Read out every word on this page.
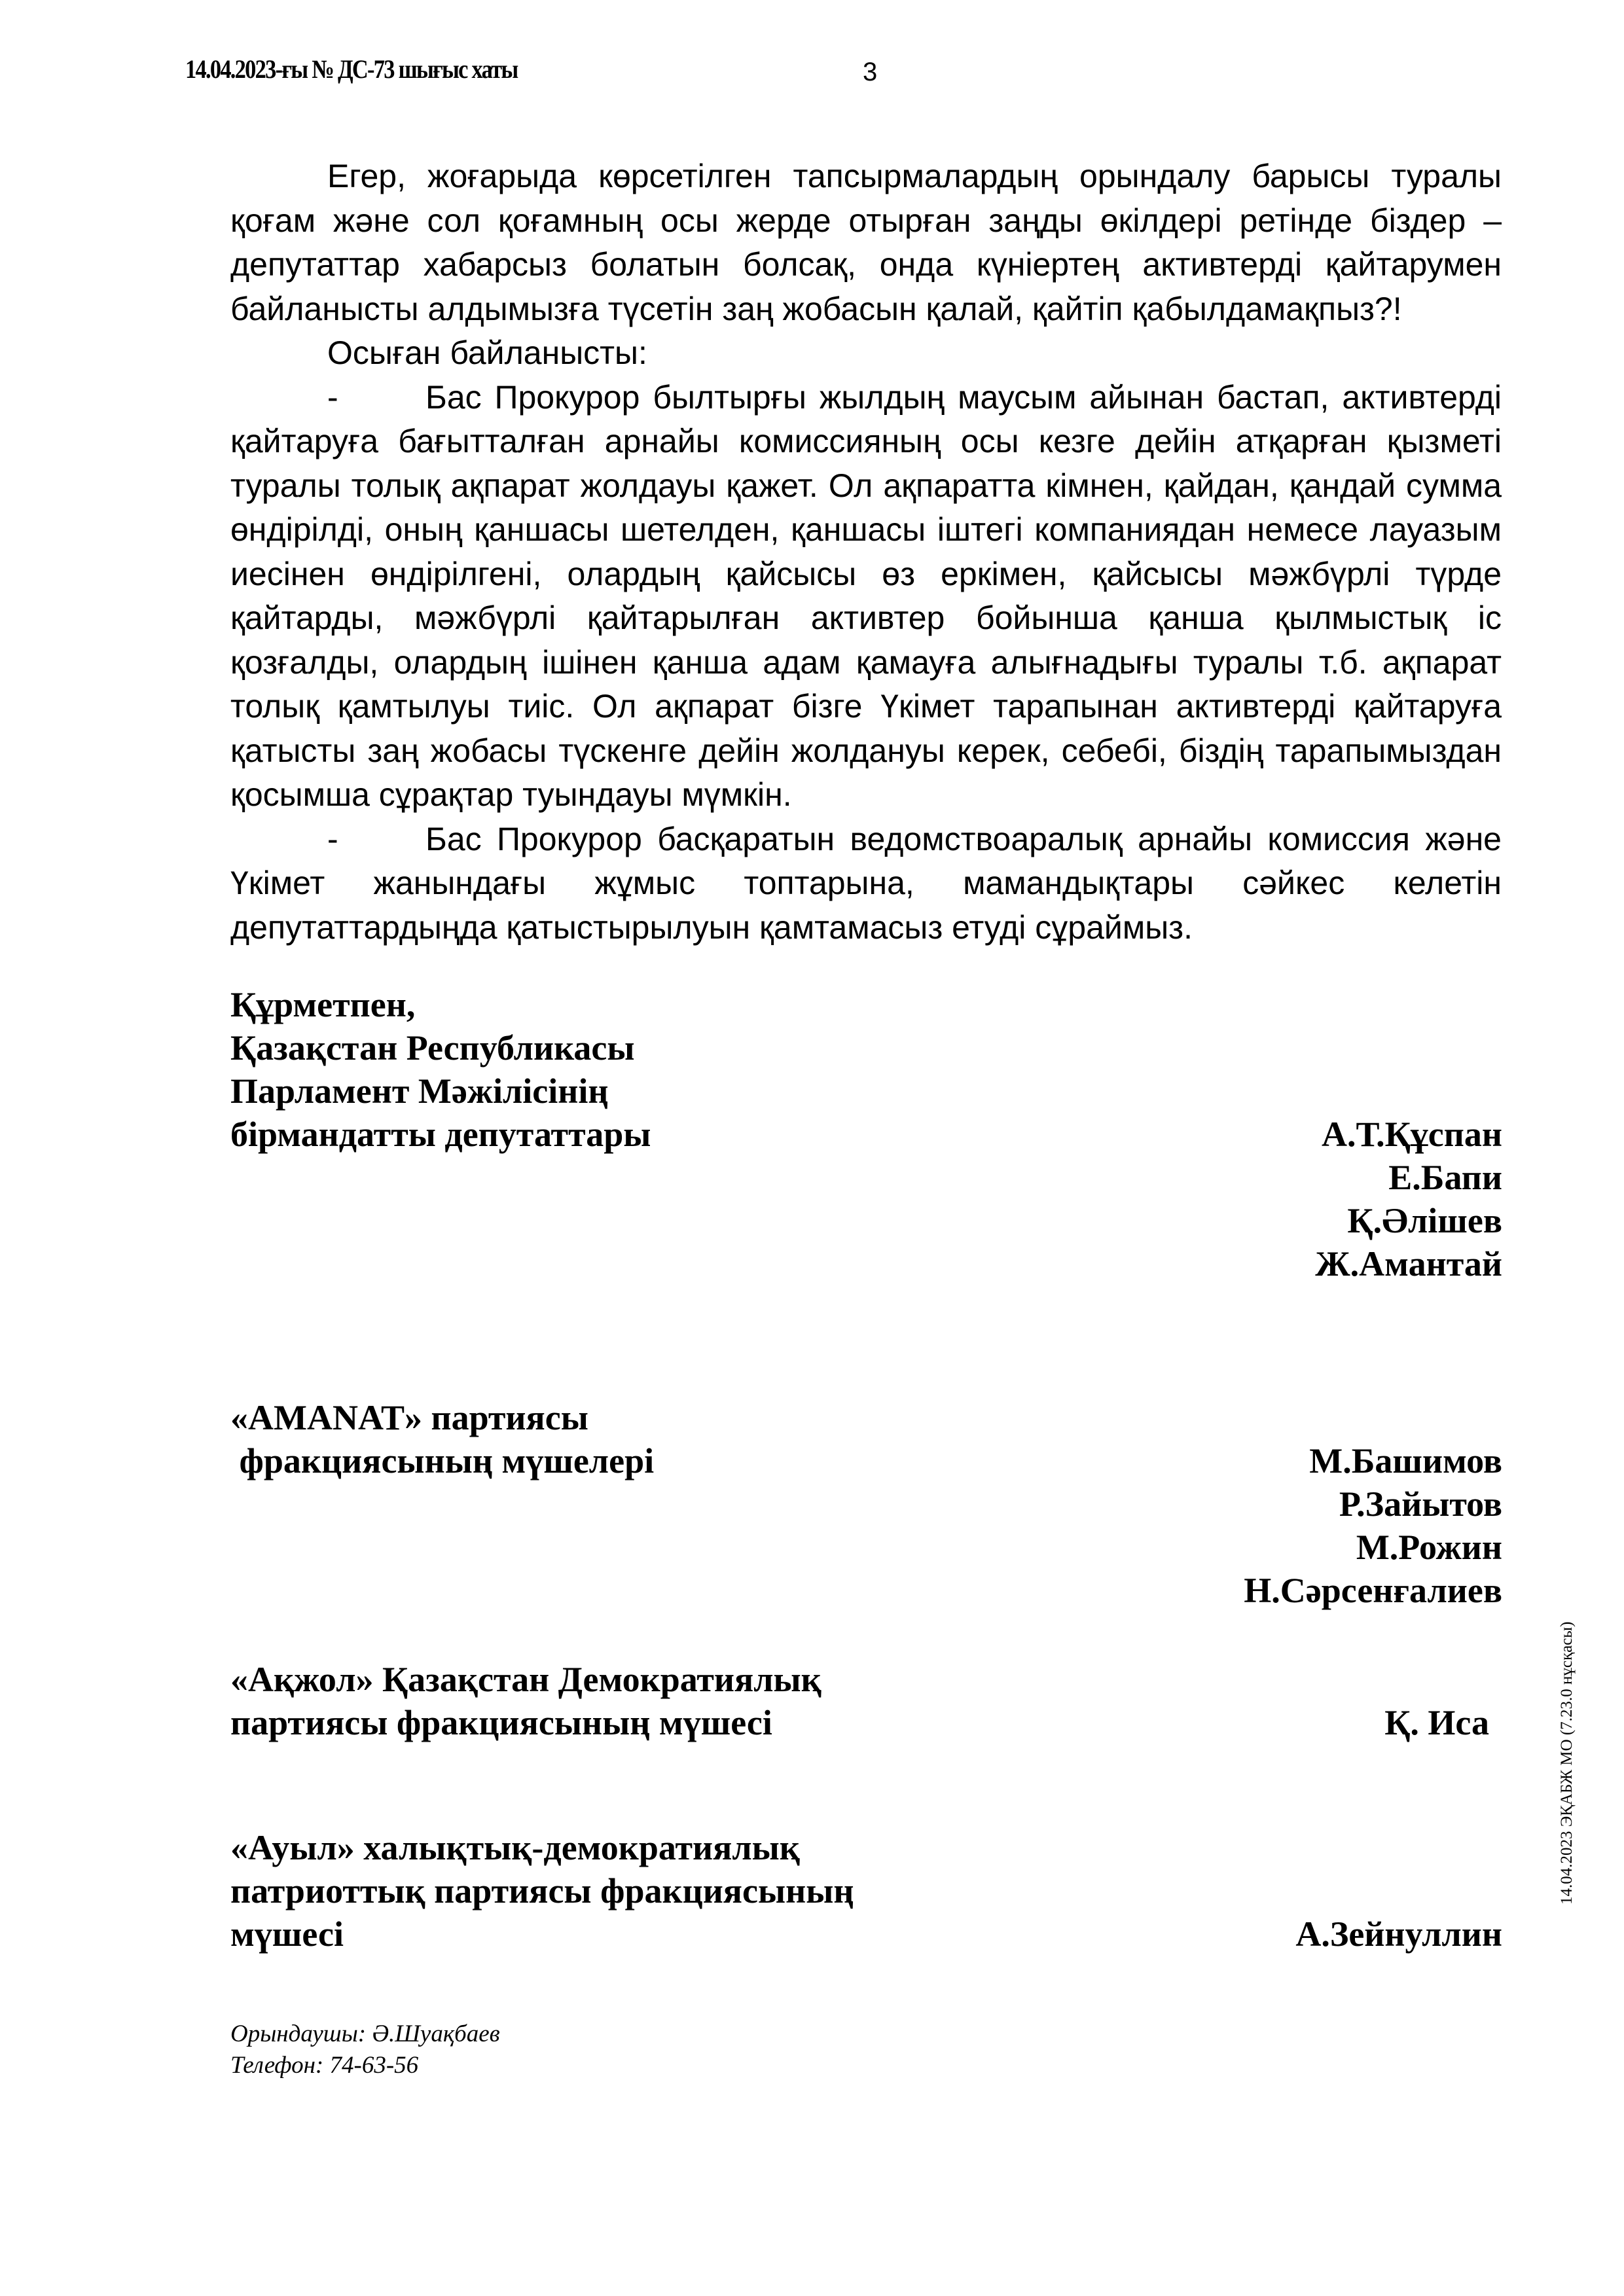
14.04.2023-ғы № ДС-73 шығыс хаты	3

Егер, жоғарыда көрсетілген тапсырмалардың орындалу барысы туралы қоғам және сол қоғамның осы жерде отырған заңды өкілдері ретінде біздер – депутаттар хабарсыз болатын болсақ, онда күніертең активтерді қайтарумен байланысты алдымызға түсетін заң жобасын қалай, қайтіп қабылдамақпыз?!

Осыған байланысты:

-	Бас Прокурор былтырғы жылдың маусым айынан бастап, активтерді қайтаруға бағытталған арнайы комиссияның осы кезге дейін атқарған қызметі туралы толық ақпарат жолдауы қажет. Ол ақпаратта кімнен, қайдан, қандай сумма өндірілді, оның қаншасы шетелден, қаншасы іштегі компаниядан немесе лауазым иесінен өндірілгені, олардың қайсысы өз еркімен, қайсысы мәжбүрлі түрде қайтарды, мәжбүрлі қайтарылған активтер бойынша қанша қылмыстық іс қозғалды, олардың ішінен қанша адам қамауға алығнадығы туралы т.б. ақпарат толық қамтылуы тиіс. Ол ақпарат бізге Үкімет тарапынан активтерді қайтаруға қатысты заң жобасы түскенге дейін жолдануы керек, себебі, біздің тарапымыздан қосымша сұрақтар туындауы мүмкін.

-	Бас Прокурор басқаратын ведомствоаралық арнайы комиссия және Үкімет жанындағы жұмыс топтарына, мамандықтары сәйкес келетін депутаттардыңда қатыстырылуын қамтамасыз етуді сұраймыз.

Құрметпен,
Қазақстан Республикасы
Парламент Мәжілісінің
бірмандатты депутаттары	А.Т.Құспан
Е.Бапи
Қ.Әлішев
Ж.Амантай
«AMANAT» партиясы
фракциясының мүшелері	М.Башимов
Р.Зайытов
М.Рожин
Н.Сәрсенғалиев
«Ақжол» Қазақстан Демократиялық
партиясы фракциясының мүшесі	Қ. Иса
«Ауыл» халықтық-демократиялық
патриоттық партиясы фракциясының
мүшесі	А.Зейнуллин
Орындаушы: Ә.Шуақбаев
Телефон: 74-63-56
14.04.2023 ЭҚАБЖ МО (7.23.0 нұсқасы)
